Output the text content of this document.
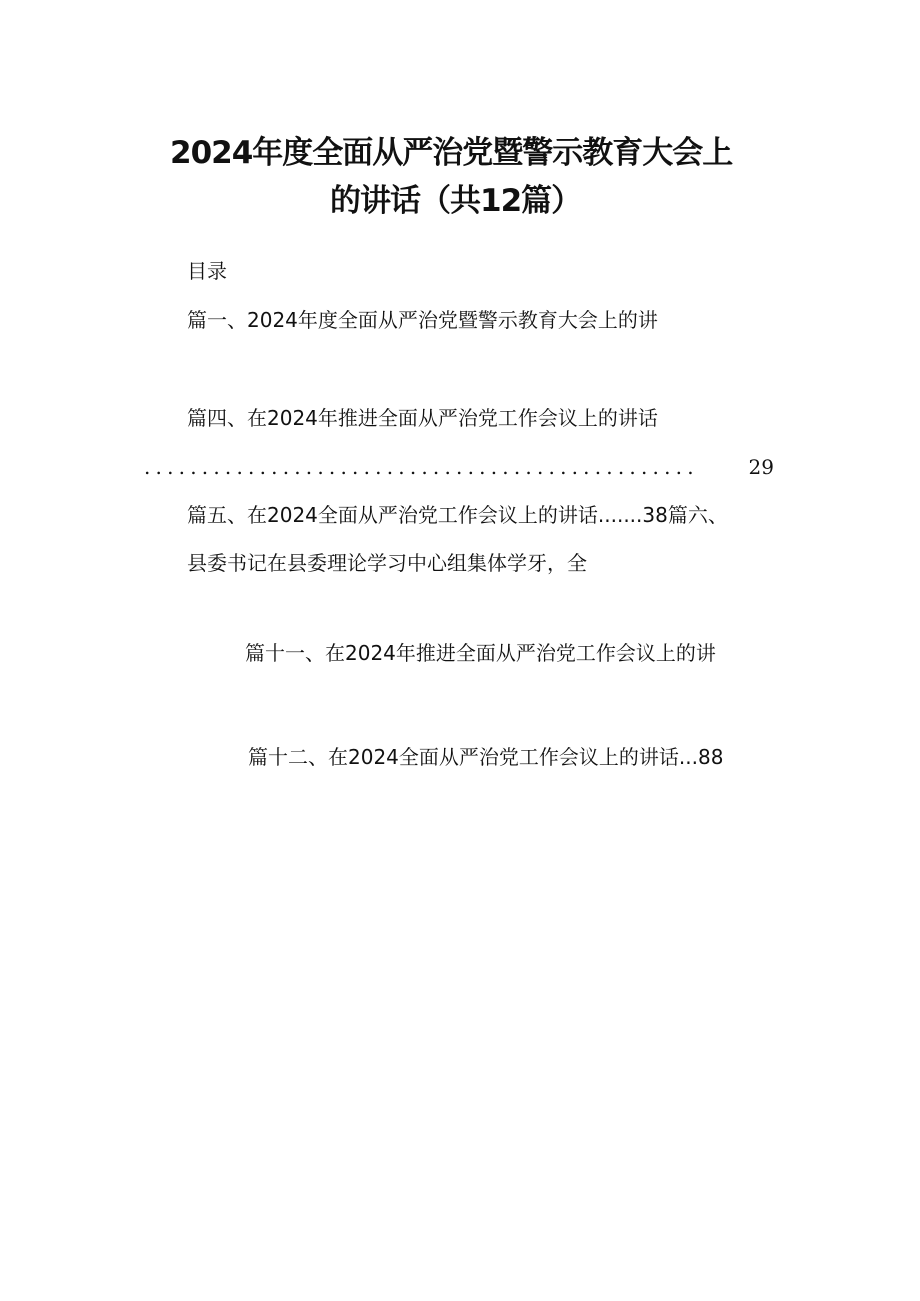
2024年度全面从严治党暨警示教育大会上
的讲话（共12篇）
目录
篇一、2024年度全面从严治党暨警示教育大会上的讲
篇四、在2024年推进全面从严治党工作会议上的讲话
................................................ 29
篇五、在2024全面从严治党工作会议上的讲话.......38篇六、
县委书记在县委理论学习中心组集体学牙，全
篇十一、在2024年推进全面从严治党工作会议上的讲
篇十二、在2024全面从严治党工作会议上的讲话...88
